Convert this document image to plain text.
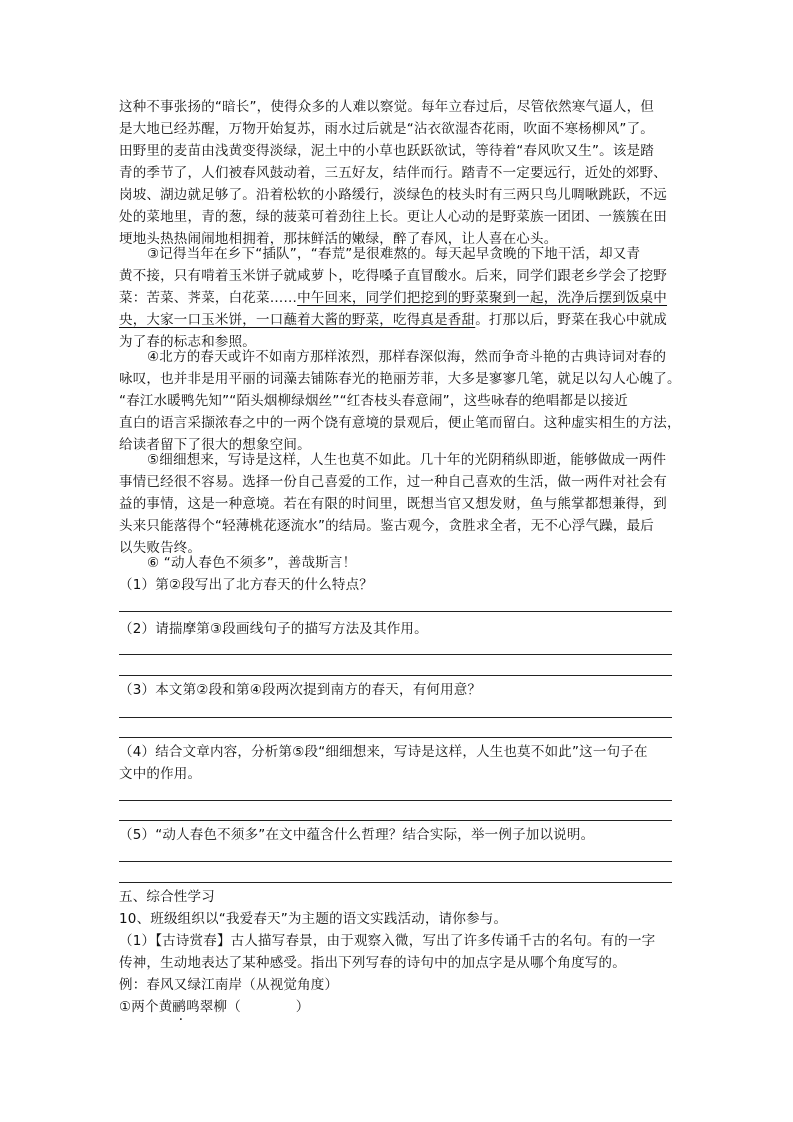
这种不事张扬的“暗长”，使得众多的人难以察觉。每年立春过后，尽管依然寒气逼人，但
是大地已经苏醒，万物开始复苏，雨水过后就是“沾衣欲湿杏花雨，吹面不寒杨柳风”了。
田野里的麦苗由浅黄变得淡绿，泥土中的小草也跃跃欲试，等待着“春风吹又生”。该是踏
青的季节了，人们被春风鼓动着，三五好友，结伴而行。踏青不一定要远行，近处的郊野、
岗坡、湖边就足够了。沿着松软的小路缓行，淡绿色的枝头时有三两只鸟儿啁啾跳跃，不远
处的菜地里，青的葱，绿的菠菜可着劲往上长。更让人心动的是野菜族一团团、一簇簇在田
埂地头热热闹闹地相拥着，那抹鲜活的嫩绿，醉了春风，让人喜在心头。
③记得当年在乡下“插队”，“春荒”是很难熬的。每天起早贪晚的下地干活，却又青
黄不接，只有啃着玉米饼子就咸萝卜，吃得嗓子直冒酸水。后来，同学们跟老乡学会了挖野
菜：苦菜、荠菜，白花菜……中午回来，同学们把挖到的野菜聚到一起，洗净后摆到饭桌中
央，大家一口玉米饼，一口蘸着大酱的野菜，吃得真是香甜。打那以后，野菜在我心中就成
为了春的标志和参照。
④北方的春天或许不如南方那样浓烈，那样春深似海，然而争奇斗艳的古典诗词对春的
咏叹，也并非是用平丽的词藻去铺陈春光的艳丽芳菲，大多是寥寥几笔，就足以勾人心魄了。
“春江水暖鸭先知”“陌头烟柳绿烟丝”“红杏枝头春意闹”，这些咏春的绝唱都是以接近
直白的语言采撷浓春之中的一两个饶有意境的景观后，便止笔而留白。这种虚实相生的方法，
给读者留下了很大的想象空间。
⑤细细想来，写诗是这样，人生也莫不如此。几十年的光阴稍纵即逝，能够做成一两件
事情已经很不容易。选择一份自己喜爱的工作，过一种自己喜欢的生活，做一两件对社会有
益的事情，这是一种意境。若在有限的时间里，既想当官又想发财，鱼与熊掌都想兼得，到
头来只能落得个“轻薄桃花逐流水”的结局。鉴古观今，贪胜求全者，无不心浮气躁，最后
以失败告终。
⑥ “动人春色不须多”，善哉斯言！
（1）第②段写出了北方春天的什么特点？
（2）请揣摩第③段画线句子的描写方法及其作用。
（3）本文第②段和第④段两次提到南方的春天，有何用意？
（4）结合文章内容，分析第⑤段“细细想来，写诗是这样，人生也莫不如此”这一句子在
文中的作用。
（5）“动人春色不须多”在文中蕴含什么哲理？结合实际，举一例子加以说明。
五、综合性学习
10、班级组织以“我爱春天”为主题的语文实践活动，请你参与。
（1）【古诗赏春】古人描写春景，由于观察入微，写出了许多传诵千古的名句。有的一字
传神，生动地表达了某种感受。指出下列写春的诗句中的加点字是从哪个角度写的。
例：春风又绿江南岸（从视觉角度）
①两个黄鹂鸣翠柳（　　　　）
